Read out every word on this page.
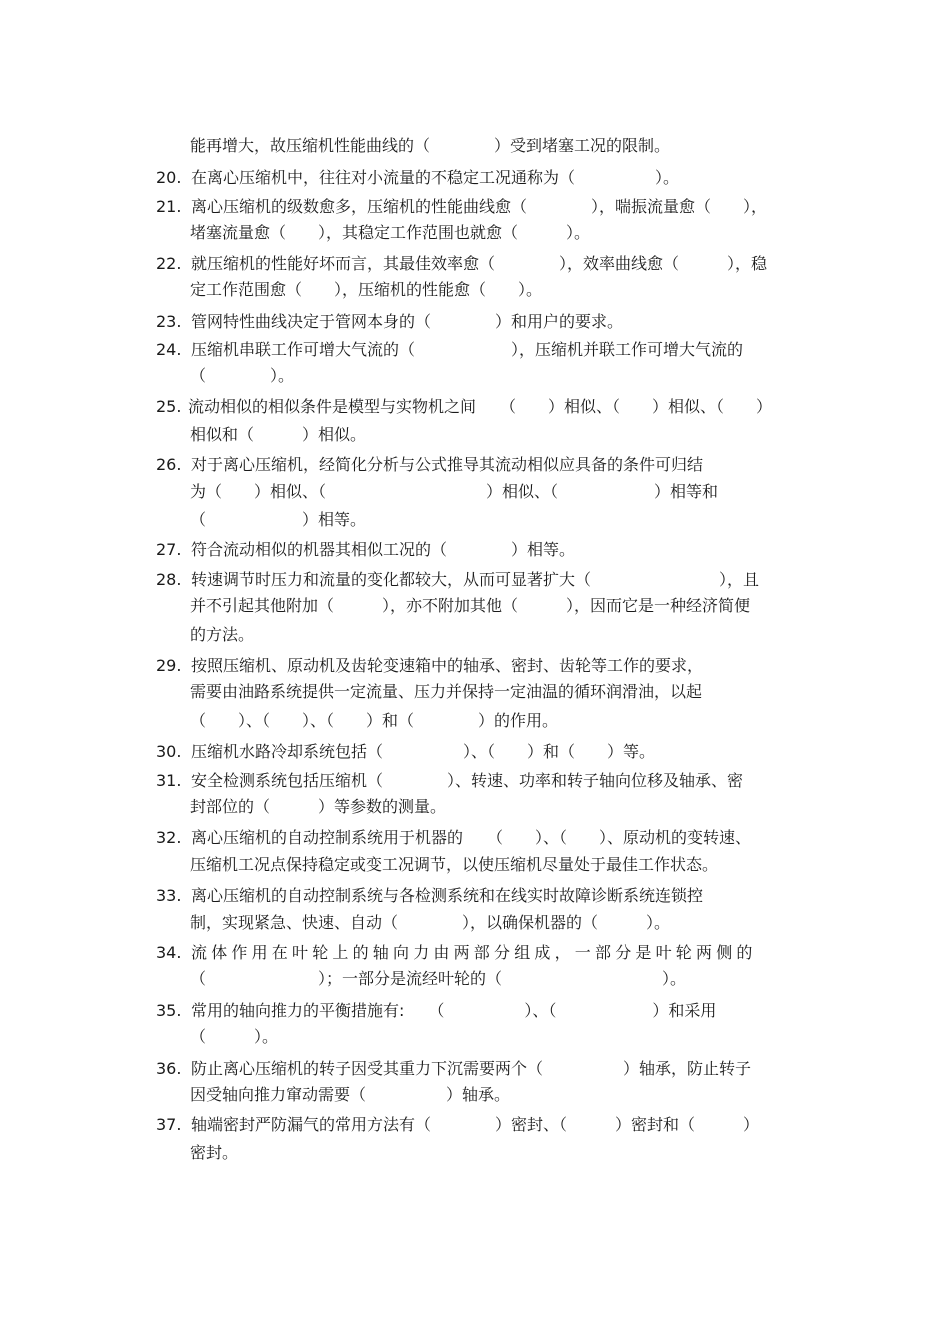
能再增大，故压缩机性能曲线的（　　　　）受到堵塞工况的限制。
20. 在离心压缩机中，往往对小流量的不稳定工况通称为（　　　　　）。
21. 离心压缩机的级数愈多，压缩机的性能曲线愈（　　　　），喘振流量愈（　　），
堵塞流量愈（　　），其稳定工作范围也就愈（　　　）。
22. 就压缩机的性能好坏而言，其最佳效率愈（　　　　），效率曲线愈（　　　），稳
定工作范围愈（　　），压缩机的性能愈（　　）。
23. 管网特性曲线决定于管网本身的（　　　　）和用户的要求。
24. 压缩机串联工作可增大气流的（　　　　　　），压缩机并联工作可增大气流的
（　　　　）。
25. 流动相似的相似条件是模型与实物机之间　　（　　）相似、（　　）相似、（　　）
相似和（　　　）相似。
26. 对于离心压缩机，经简化分析与公式推导其流动相似应具备的条件可归结
为（　　）相似、（　　　　　　　　　　）相似、（　　　　　　）相等和
（　　　　　　）相等。
27. 符合流动相似的机器其相似工况的（　　　　）相等。
28. 转速调节时压力和流量的变化都较大，从而可显著扩大（　　　　　　　　），且
并不引起其他附加（　　　），亦不附加其他（　　　），因而它是一种经济简便
的方法。
29. 按照压缩机、原动机及齿轮变速箱中的轴承、密封、齿轮等工作的要求，
需要由油路系统提供一定流量、压力并保持一定油温的循环润滑油，以起
（　　）、（　　）、（　　）和（　　　　）的作用。
30. 压缩机水路冷却系统包括（　　　　　）、（　　）和（　　）等。
31. 安全检测系统包括压缩机（　　　　）、转速、功率和转子轴向位移及轴承、密
封部位的（　　　）等参数的测量。
32. 离心压缩机的自动控制系统用于机器的　　（　　）、（　　）、原动机的变转速、
压缩机工况点保持稳定或变工况调节，以使压缩机尽量处于最佳工作状态。
33. 离心压缩机的自动控制系统与各检测系统和在线实时故障诊断系统连锁控
制，实现紧急、快速、自动（　　　　），以确保机器的（　　　）。
34. 流体作用在叶轮上的轴向力由两部分组成，一部分是叶轮两侧的
（　　　　　　　）；一部分是流经叶轮的（　　　　　　　　　　）。
35. 常用的轴向推力的平衡措施有:　　（　　　　　）、（　　　　　　）和采用
（　　　）。
36. 防止离心压缩机的转子因受其重力下沉需要两个（　　　　　）轴承，防止转子
因受轴向推力窜动需要（　　　　　）轴承。
37. 轴端密封严防漏气的常用方法有（　　　　）密封、（　　　）密封和（　　　）
密封。
